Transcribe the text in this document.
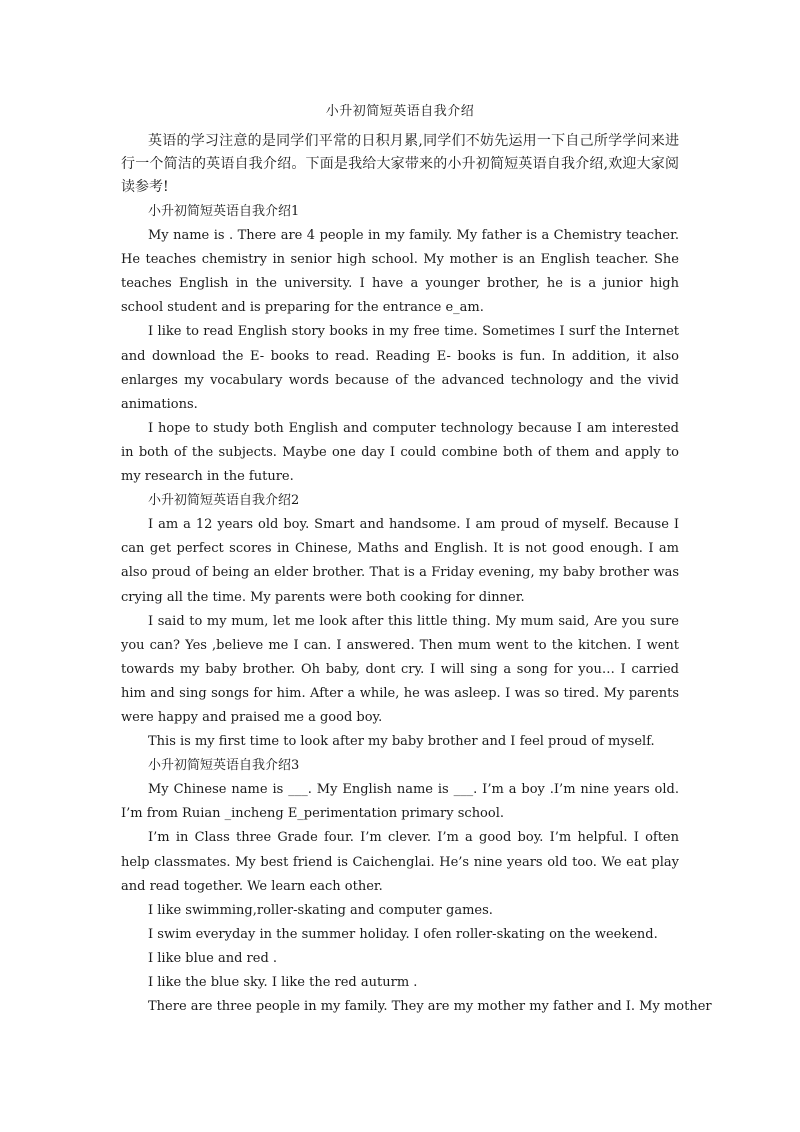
小升初简短英语自我介绍

英语的学习注意的是同学们平常的日积月累,同学们不妨先运用一下自己所学学问来进行一个简洁的英语自我介绍。下面是我给大家带来的小升初简短英语自我介绍,欢迎大家阅读参考!

小升初简短英语自我介绍1

My name is . There are 4 people in my family. My father is a Chemistry teacher. He teaches chemistry in senior high school. My mother is an English teacher. She teaches English in the university. I have a younger brother, he is a junior high school student and is preparing for the entrance e_am.

I like to read English story books in my free time. Sometimes I surf the Internet and download the E- books to read. Reading E- books is fun. In addition, it also enlarges my vocabulary words because of the advanced technology and the vivid animations.

I hope to study both English and computer technology because I am interested in both of the subjects. Maybe one day I could combine both of them and apply to my research in the future.

小升初简短英语自我介绍2

I am a 12 years old boy. Smart and handsome. I am proud of myself. Because I can get perfect scores in Chinese, Maths and English. It is not good enough. I am also proud of being an elder brother. That is a Friday evening, my baby brother was crying all the time. My parents were both cooking for dinner.

I said to my mum, let me look after this little thing. My mum said, Are you sure you can? Yes ,believe me I can. I answered. Then mum went to the kitchen. I went towards my baby brother. Oh baby, dont cry. I will sing a song for you… I carried him and sing songs for him. After a while, he was asleep. I was so tired. My parents were happy and praised me a good boy.

This is my first time to look after my baby brother and I feel proud of myself.

小升初简短英语自我介绍3

My Chinese name is ___. My English name is ___. I’m a boy .I’m nine years old. I’m from Ruian _incheng E_perimentation primary school.

I’m in Class three Grade four. I’m clever. I’m a good boy. I’m helpful. I often help classmates. My best friend is Caichenglai. He’s nine years old too. We eat play and read together. We learn each other.

I like swimming,roller-skating and computer games.

I swim everyday in the summer holiday. I ofen roller-skating on the weekend.

I like blue and red .

I like the blue sky. I like the red auturm .

There are three people in my family. They are my mother my father and I. My mother
